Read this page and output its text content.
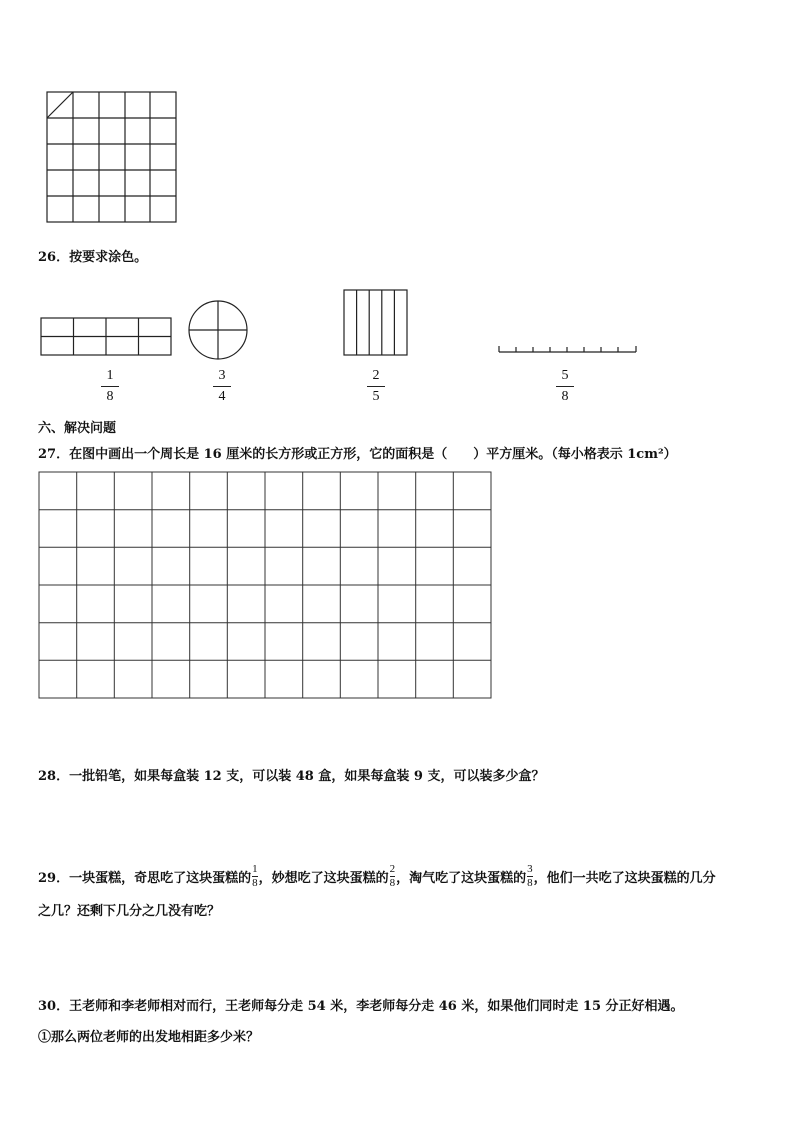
26．按要求涂色。
1
8
3
4
2
5
5
8
六、解决问题
27．在图中画出一个周长是 16 厘米的长方形或正方形，它的面积是（　　）平方厘米。（每小格表示 1cm²）
28．一批铅笔，如果每盒装 12 支，可以装 48 盒，如果每盒装 9 支，可以装多少盒？
29．一块蛋糕，奇思吃了这块蛋糕的$\frac{1}{8}$，妙想吃了这块蛋糕的$\frac{2}{8}$，淘气吃了这块蛋糕的$\frac{3}{8}$，他们一共吃了这块蛋糕的几分
之几？还剩下几分之几没有吃？
30．王老师和李老师相对而行，王老师每分走 54 米，李老师每分走 46 米，如果他们同时走 15 分正好相遇。
①那么两位老师的出发地相距多少米？
